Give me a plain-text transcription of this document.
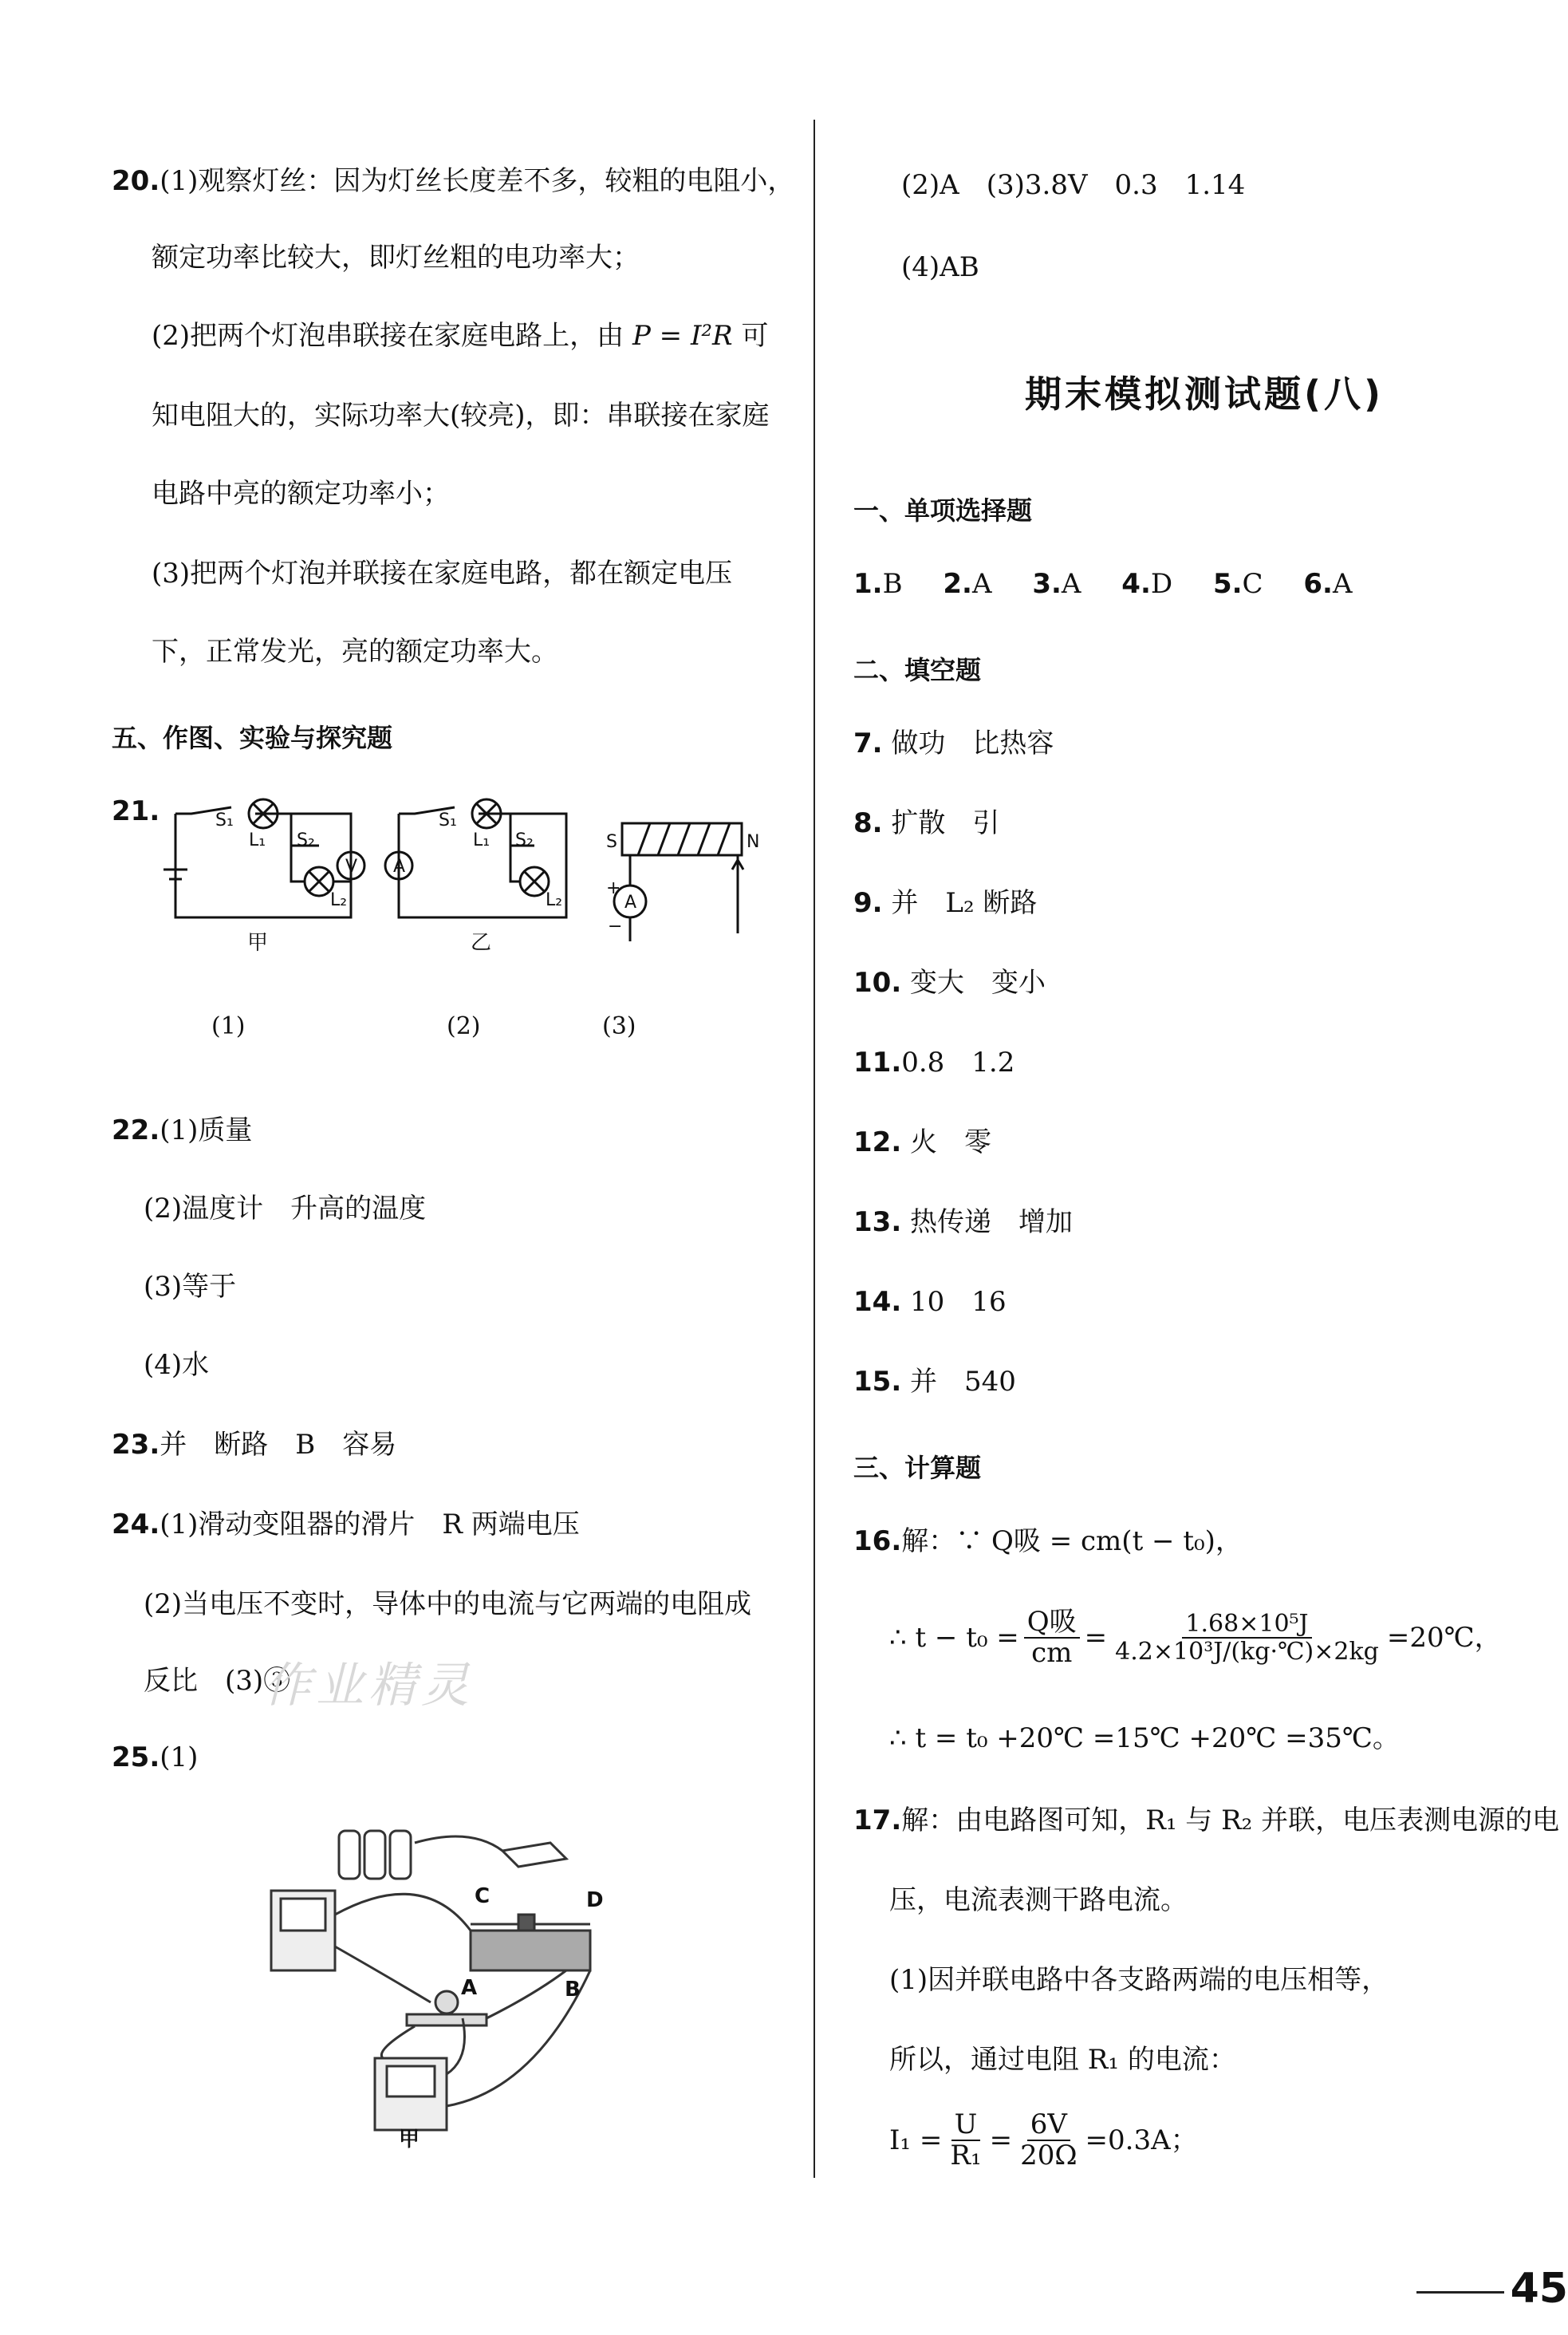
20.(1)观察灯丝：因为灯丝长度差不多，较粗的电阻小，
额定功率比较大，即灯丝粗的电功率大；
(2)把两个灯泡串联接在家庭电路上，由 P = I²R 可
知电阻大的，实际功率大(较亮)，即：串联接在家庭
电路中亮的额定功率小；
(3)把两个灯泡并联接在家庭电路，都在额定电压
下，正常发光，亮的额定功率大。
五、作图、实验与探究题
21.	S₁
L₁ S₂
V
L₂
A
S₁
L₁ S₂
L₂
S	N
A
+
−
甲	乙
(1)	(2)	(3)
22.(1)质量
(2)温度计　升高的温度
(3)等于
(4)水
23.并　断路　B　容易
24.(1)滑动变阻器的滑片　R 两端电压
(2)当电压不变时，导体中的电流与它两端的电阻成
反比　(3)③
25.(1)
C	D
A	B
甲
(2)A　(3)3.8V　0.3　1.14
(4)AB
期末模拟测试题(八)
一、单项选择题
1.B 2.A 3.A 4.D 5.C 6.A
二、填空题
7. 做功　比热容
8. 扩散　引
9. 并　L₂ 断路
10. 变大　变小
11.0.8　1.2
12. 火　零
13. 热传递　增加
14. 10　16
15. 并　540
三、计算题
16.解：∵ Q吸 = cm(t − t₀)，
∴ $t - t_0 = \frac{\text{Q吸}}{cm} = \frac{\text{1.68×10⁵J}}{\text{4.2×10³J/(kg·℃)×2kg}}$ =20℃，
∴ t = t₀ +20℃ =15℃ +20℃ =35℃。
17.解：由电路图可知，R₁ 与 R₂ 并联，电压表测电源的电
压，电流表测干路电流。
(1)因并联电路中各支路两端的电压相等，
所以，通过电阻 R₁ 的电流：
$I_1 = \frac{U}{\text{R₁}} = \frac{6V}{20\Omega} =0.3A$；
作业精灵
45
